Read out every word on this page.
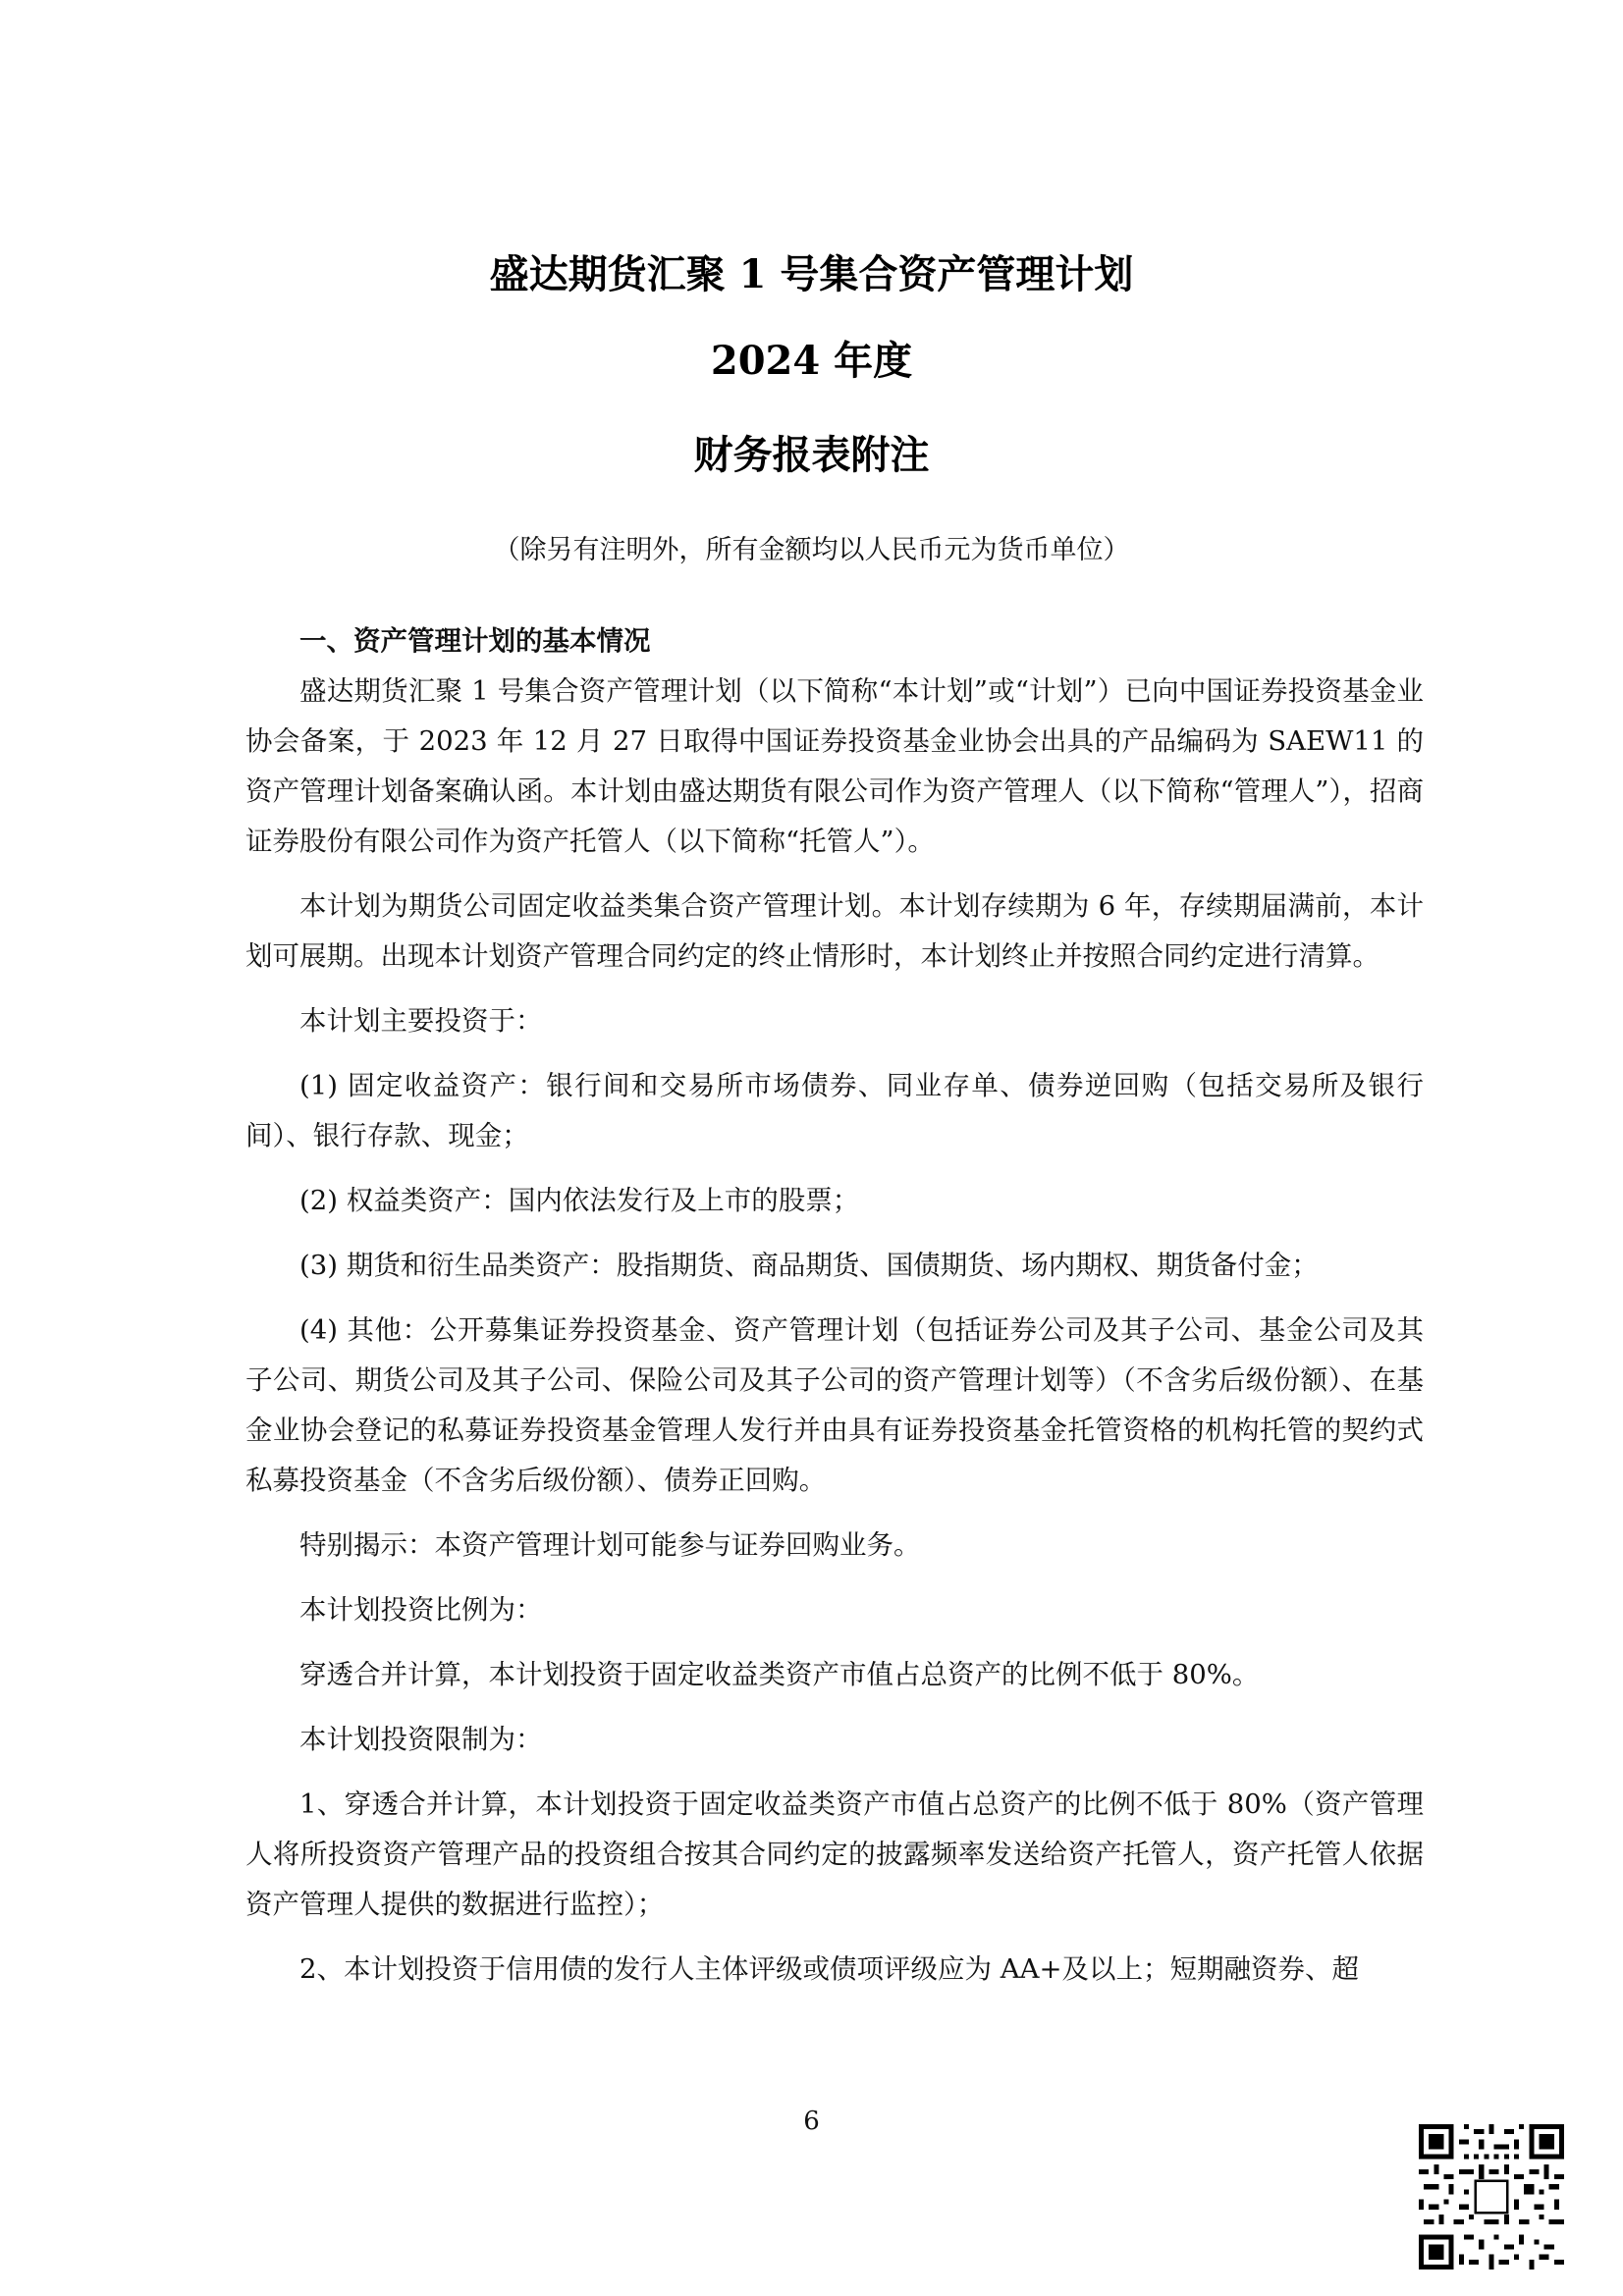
盛达期货汇聚 1 号集合资产管理计划
2024 年度
财务报表附注
（除另有注明外，所有金额均以人民币元为货币单位）
一、资产管理计划的基本情况

盛达期货汇聚 1 号集合资产管理计划（以下简称“本计划”或“计划”）已向中国证券投资基金业协会备案，于 2023 年 12 月 27 日取得中国证券投资基金业协会出具的产品编码为 SAEW11 的资产管理计划备案确认函。本计划由盛达期货有限公司作为资产管理人（以下简称“管理人”），招商证券股份有限公司作为资产托管人（以下简称“托管人”）。

本计划为期货公司固定收益类集合资产管理计划。本计划存续期为 6 年，存续期届满前，本计划可展期。出现本计划资产管理合同约定的终止情形时，本计划终止并按照合同约定进行清算。

本计划主要投资于：

(1) 固定收益资产：银行间和交易所市场债券、同业存单、债券逆回购（包括交易所及银行间）、银行存款、现金；

(2) 权益类资产：国内依法发行及上市的股票；

(3) 期货和衍生品类资产：股指期货、商品期货、国债期货、场内期权、期货备付金；

(4) 其他：公开募集证券投资基金、资产管理计划（包括证券公司及其子公司、基金公司及其子公司、期货公司及其子公司、保险公司及其子公司的资产管理计划等）（不含劣后级份额）、在基金业协会登记的私募证券投资基金管理人发行并由具有证券投资基金托管资格的机构托管的契约式私募投资基金（不含劣后级份额）、债券正回购。

特别揭示：本资产管理计划可能参与证券回购业务。

本计划投资比例为：

穿透合并计算，本计划投资于固定收益类资产市值占总资产的比例不低于 80%。

本计划投资限制为：

1、穿透合并计算，本计划投资于固定收益类资产市值占总资产的比例不低于 80%（资产管理人将所投资资产管理产品的投资组合按其合同约定的披露频率发送给资产托管人，资产托管人依据资产管理人提供的数据进行监控）；

2、本计划投资于信用债的发行人主体评级或债项评级应为 AA+及以上；短期融资券、超

6
